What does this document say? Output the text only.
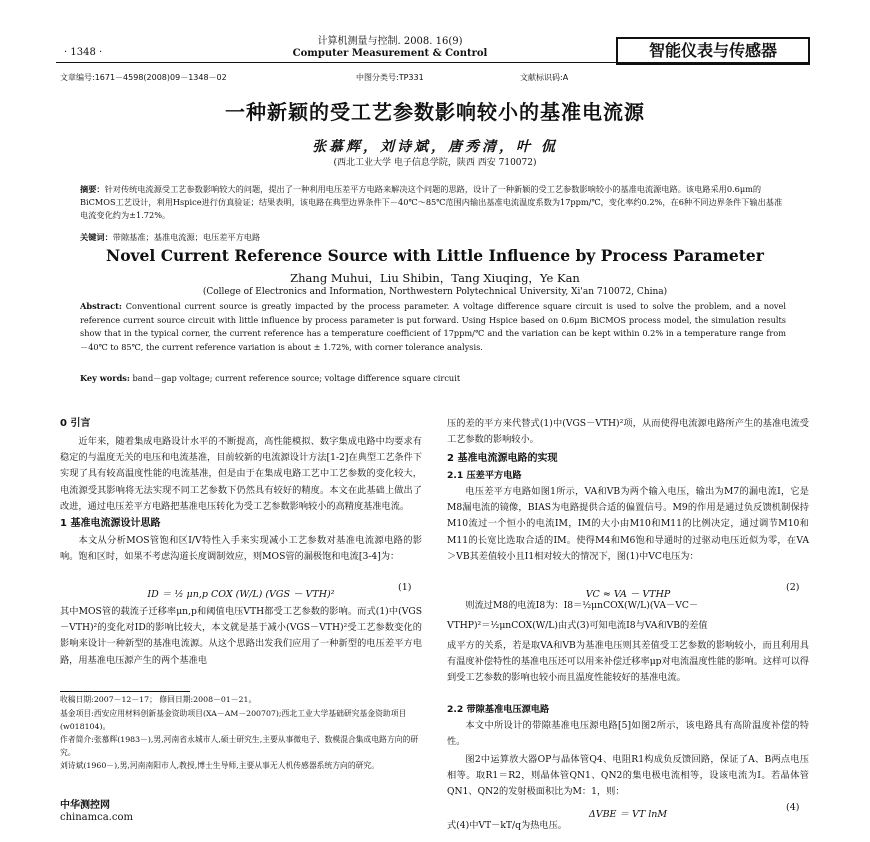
· 1348 ·
计算机测量与控制. 2008. 16(9)
Computer Measurement & Control	智能仪表与传感器
文章编号:1671－4598(2008)09－1348－02	中图分类号:TP331	文献标识码:A
一种新颖的受工艺参数影响较小的基准电流源
张慕辉，刘诗斌，唐秀清，叶 侃
(西北工业大学 电子信息学院，陕西 西安 710072)
摘要：针对传统电流源受工艺参数影响较大的问题，提出了一种利用电压差平方电路来解决这个问题的思路，设计了一种新颖的受工艺参数影响较小的基准电流源电路。该电路采用0.6μm的BiCMOS工艺设计，利用Hspice进行仿真验证；结果表明，该电路在典型边界条件下－40℃～85℃范围内输出基准电流温度系数为17ppm/℃，变化率约0.2%，在6种不同边界条件下输出基准电流变化约为±1.72%。
关键词：带隙基准；基准电流源；电压差平方电路
Novel Current Reference Source with Little Influence by Process Parameter
Zhang Muhui，Liu Shibin，Tang Xiuqing，Ye Kan
(College of Electronics and Information, Northwestern Polytechnical University, Xi'an 710072, China)
Abstract: Conventional current source is greatly impacted by the process parameter. A voltage difference square circuit is used to solve the problem, and a novel reference current source circuit with little influence by process parameter is put forward. Using Hspice based on 0.6μm BiCMOS process model, the simulation results show that in the typical corner, the current reference has a temperature coefficient of 17ppm/℃ and the variation can be kept within 0.2% in a temperature range from －40℃ to 85℃, the current reference variation is about ± 1.72%, with corner tolerance analysis.
Key words: band－gap voltage; current reference source; voltage difference square circuit
0 引言
近年来，随着集成电路设计水平的不断提高，高性能模拟、数字集成电路中均要求有稳定的与温度无关的电压和电流基准，目前较新的电流源设计方法[1-2]在典型工艺条件下实现了具有较高温度性能的电流基准，但是由于在集成电路工艺中工艺参数的变化较大，电流源受其影响将无法实现不同工艺参数下仍然具有较好的精度。本文在此基础上做出了改进，通过电压差平方电路把基准电压转化为受工艺参数影响较小的高精度基准电流。
1 基准电流源设计思路
本文从分析MOS管饱和区I/V特性入手来实现减小工艺参数对基准电流源电路的影响。饱和区时，如果不考虑沟道长度调制效应，则MOS管的漏极饱和电流[3-4]为：
ID ＝ ½ μn,p COX (W/L) (VGS － VTH)²
(1)
其中MOS管的载流子迁移率μn,p和阈值电压VTH都受工艺参数的影响。而式(1)中(VGS－VTH)²的变化对ID的影响比较大，本文就是基于减小(VGS－VTH)²受工艺参数变化的影响来设计一种新型的基准电流源。从这个思路出发我们应用了一种新型的电压差平方电路，用基准电压源产生的两个基准电
收稿日期:2007－12－17； 修回日期:2008－01－21。
基金项目:西安应用材料创新基金资助项目(XA－AM－200707);西北工业大学基础研究基金资助项目(w018104)。
作者简介:张慕辉(1983－),男,河南省永城市人,硕士研究生,主要从事微电子、数模混合集成电路方向的研究。
刘诗斌(1960－),男,河南南阳市人,教授,博士生导师,主要从事无人机传感器系统方向的研究。
中华测控网
chinamca.com
压的差的平方来代替式(1)中(VGS－VTH)²项，从而使得电流源电路所产生的基准电流受工艺参数的影响较小。
2 基准电流源电路的实现
2.1 压差平方电路
电压差平方电路如图1所示，VA和VB为两个输入电压，输出为M7的漏电流I，它是M8漏电流的镜像，BIAS为电路提供合适的偏置信号。M9的作用是通过负反馈机制保持M10流过一个恒小的电流IM，IM的大小由M10和M11的比例决定，通过调节M10和M11的长宽比选取合适的IM。使得M4和M6饱和导通时的过驱动电压近似为零，在VA＞VB其差值较小且I1相对较大的情况下，图(1)中VC电压为：
VC ≈ VA － VTHP
(2)
则流过M8的电流I8为：I8＝½μnCOX(W/L)(VA－VC－
VTHP)²＝½μnCOX(W/L)由式(3)可知电流I8与VA和VB的差值
成平方的关系，若是取VA和VB为基准电压则其差值受工艺参数的影响较小，而且利用具有温度补偿特性的基准电压还可以用来补偿迁移率μp对电流温度性能的影响。这样可以得到受工艺参数的影响也较小而且温度性能较好的基准电流。
2.2 带隙基准电压源电路
本文中所设计的带隙基准电压源电路[5]如图2所示，该电路具有高阶温度补偿的特性。
图2中运算放大器OP与晶体管Q4、电阻R1构成负反馈回路，保证了A、B两点电压相等。取R1＝R2，则晶体管QN1、QN2的集电极电流相等，设该电流为I。若晶体管QN1、QN2的发射极面积比为M：1，则：
ΔVBE ＝ VT lnM
(4)
式(4)中VT－kT/q为热电压。
